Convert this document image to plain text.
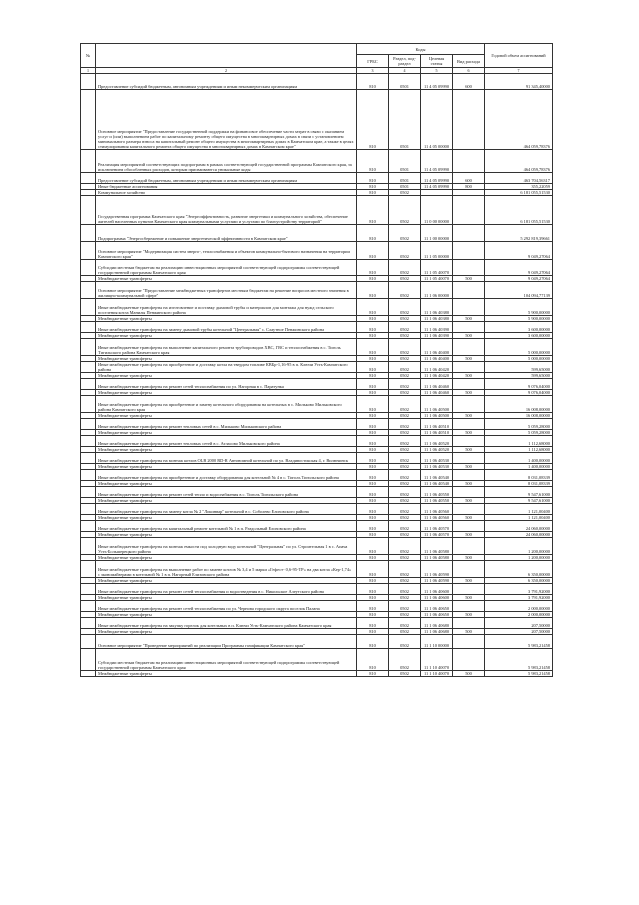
№		Коды				Годовой объем ассигнований
		ГРБС	Раздел, под-раздел	Целевая статья	Вид расхода	
1	2	3	4	5	6	7
	Предоставление субсидий бюджетным, автономным учреждениям и иным некоммерческим организациям	810	0501	11 4 05 09990	600	91 345,40000
	Основное мероприятие "Предоставление государственной поддержки на финансовое обеспечение части затрат в связи с оказанием услуг и (или) выполнением работ по капитальному ремонту общего имущества в многоквартирных домах в связи с установлением минимального размера взноса на капитальный ремонт общего имущества в многоквартирных домах в Камчатском крае, а также в целях стимулирования капитального ремонта общего имущества в многоквартирных домах в Камчатском крае"	810	0501	11 4 05 00000		464 059,78376
	Реализация мероприятий соответствующих подпрограмм в рамках соответствующей государственной программы Камчатского края, за исключением обособленных расходов, которым присваиваются уникальные коды	810	0501	11 4 05 09990		464 059,78376
	Предоставление субсидий бюджетным, автономным учреждениям и иным некоммерческим организациям	810	0501	11 4 05 09990	600	463 704,56317
	Иные бюджетные ассигнования	810	0501	11 4 05 09990	800	355,22059
	Коммунальное хозяйство	810	0502			6 181 055,51530
	Государственная программа Камчатского края "Энергоэффективность, развитие энергетики и коммунального хозяйства, обеспечение жителей населенных пунктов Камчатского края коммунальными услугами и услугами по благоустройству территорий"	810	0502	11 0 00 00000		6 181 055,51530
	Подпрограмма "Энергосбережение и повышение энергетической эффективности в Камчатском крае"	810	0502	11 1 00 00000		5 292 819,39661
	Основное мероприятие "Модернизация систем энерго-, теплоснабжения и объектов коммунально-бытового назначения на территории Камчатского края"	810	0502	11 1 05 00000		9 049,27064
	Субсидии местным бюджетам на реализацию инвестиционных мероприятий соответствующей подпрограммы соответствующей государственной программы Камчатского края	810	0502	11 1 05 40070		9 049,27064
	Межбюджетные трансферты	810	0502	11 1 05 40070	500	9 049,27064
	Основное мероприятие "Предоставление межбюджетных трансфертов местным бюджетам на решение вопросов местного значения в жилищно-коммунальной сфере"	810	0502	11 1 06 00000		104 094,77139
	Иные межбюджетные трансферты на изготовление и поставку дымовой трубы и материалов для монтажа для нужд сельского поселения котла Манилы Пенжинского района	810	0502	11 1 06 40380		5 900,00000
	Межбюджетные трансферты	810	0502	11 1 06 40380	500	5 900,00000
	Иные межбюджетные трансферты на замену дымовой трубы котельной "Центральная" с. Слаутное Пенжинского района	810	0502	11 1 06 40390		3 600,00000
	Межбюджетные трансферты	810	0502	11 1 06 40390	500	3 600,00000
	Иные межбюджетные трансферты на выполнение капитального ремонта трубопроводов ХВС, ГВС и теплоснабжения в с. Тиголь Тигильского района Камчатского края	810	0502	11 1 06 40400		5 000,00000
	Межбюджетные трансферты	810	0502	11 1 06 40400	500	5 000,00000
	Иные межбюджетные трансферты на приобретение и доставку котла на твердом топливе КВБр-1,16-95 в п. Ключи Усть-Камчатского района	810	0502	11 1 06 40420		599,65000
	Межбюджетные трансферты	810	0502	11 1 06 40420	500	599,65000
	Иные межбюджетные трансферты на ремонт сетей теплоснабжения по ул. Нагорная в с. Паратунка	810	0502	11 1 06 40460		9 076,04000
	Межбюджетные трансферты	810	0502	11 1 06 40460	500	9 076,04000
	Иные межбюджетные трансферты на приобретение и замену котельного оборудования на котельных в с. Мильково Мильковского района Камчатского края	810	0502	11 1 06 40500		16 008,00000
	Межбюджетные трансферты	810	0502	11 1 06 40500	500	16 008,00000
	Иные межбюджетные трансферты на ремонт тепловых сетей в с. Мильково Мильковского района	810	0502	11 1 06 40510		5 059,28000
	Межбюджетные трансферты	810	0502	11 1 06 40510	500	5 059,28000
	Иные межбюджетные трансферты на ремонт тепловых сетей в с. Атласово Мильковского района	810	0502	11 1 06 40520		1 112,68000
	Межбюджетные трансферты	810	0502	11 1 06 40520	500	1 112,68000
	Иные межбюджетные трансферты на монтаж котлов OLB 2000 RD-R Автономной котельной по ул. Владивостокская 4, г. Вилючинск	810	0502	11 1 06 40530		1 400,00000
	Межбюджетные трансферты	810	0502	11 1 06 40530	500	1 400,00000
	Иные межбюджетные трансферты на приобретение и доставку оборудования для котельной № 4 в с. Тиголь Тигильского района	810	0502	11 1 06 40540		8 031,08339
	Межбюджетные трансферты	810	0502	11 1 06 40540	500	8 031,08339
	Иные межбюджетные трансферты на ремонт сетей тепло и водоснабжения в с. Тиголь Тигильского района	810	0502	11 1 06 40550		9 547,61000
	Межбюджетные трансферты	810	0502	11 1 06 40550	500	9 547,61000
	Иные межбюджетные трансферты на замену котла № 2 "Локинвар" котельной в с. Соболево Елизовского района	810	0502	11 1 06 40560		1 121,00400
	Межбюджетные трансферты	810	0502	11 1 06 40560	500	1 121,00400
	Иные межбюджетные трансферты на капитальный ремонт котельной № 1 в п. Раздольный Елизовского района	810	0502	11 1 06 40570		24 060,00000
	Межбюджетные трансферты	810	0502	11 1 06 40570	500	24 060,00000
	Иные межбюджетные трансферты на монтаж емкости под холодную воду котельной "Центральная" по ул. Строительная 1 в с. Апача Усть-Большерецкого района	810	0502	11 1 06 40580		1 200,00000
	Межбюджетные трансферты	810	0502	11 1 06 40580	500	1 200,00000
	Иные межбюджетные трансферты на выполнение работ по замене котлов № 3,4 и 5 марки «Гефест- 0,6-95-ТР» на два котла «Кер-1,74» с экономайзерами в котельной № 1 в п. Нагорный Елизовского района	810	0502	11 1 06 40590		6 350,00000
	Межбюджетные трансферты	810	0502	11 1 06 40590	500	6 350,00000
	Иные межбюджетные трансферты на ремонт сетей теплоснабжения и водоотведения в с. Никольское Алеутского района	810	0502	11 1 06 40600		3 791,92000
	Межбюджетные трансферты	810	0502	11 1 06 40600	500	3 791,92000
	Иные межбюджетные трансферты на ремонт сетей теплоснабжения по ул. Чернова городского округа поселок Палана	810	0502	11 1 06 40650		2 000,00000
	Межбюджетные трансферты	810	0502	11 1 06 40650	500	2 000,00000
	Иные межбюджетные трансферты на закупку горелок для котельных в п. Ключи Усть-Камчатского района Камчатского края	810	0502	11 1 06 40680		207,50000
	Межбюджетные трансферты	810	0502	11 1 06 40680	500	207,50000
	Основное мероприятие "Проведение мероприятий по реализации Программы газификации Камчатского края"	810	0502	11 1 10 00000		5 983,21458
	Субсидии местным бюджетам на реализацию инвестиционных мероприятий соответствующей подпрограммы соответствующей государственной программы Камчатского края	810	0502	11 1 10 40070		5 983,21458
	Межбюджетные трансферты	810	0502	11 1 10 40070	500	5 983,21458
